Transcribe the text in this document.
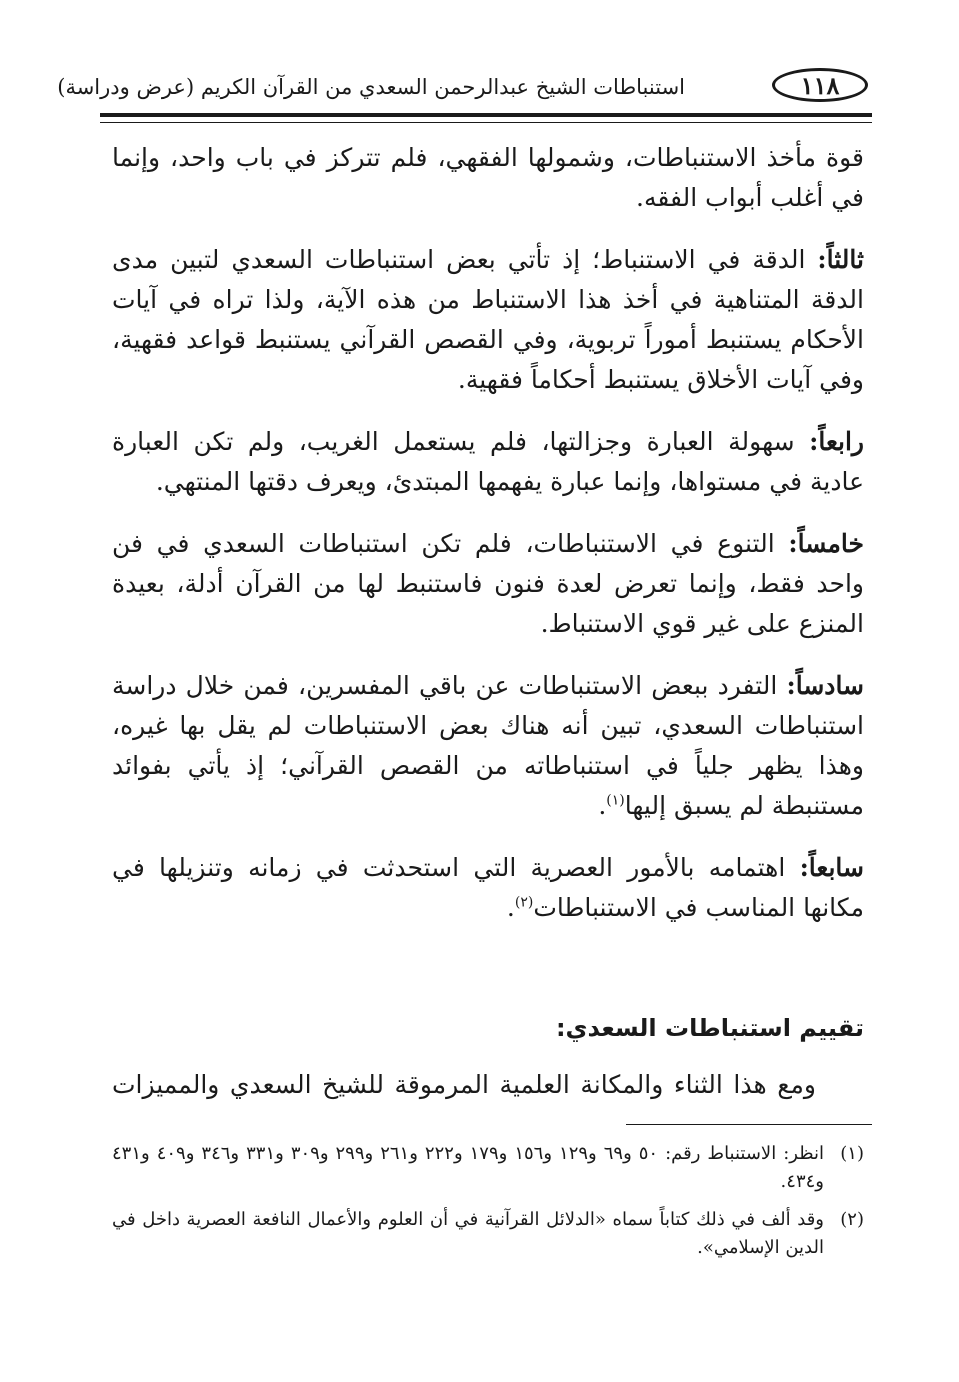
١١٨
استنباطات الشيخ عبدالرحمن السعدي من القرآن الكريم (عرض ودراسة)

قوة مأخذ الاستنباطات، وشمولها الفقهي، فلم تتركز في باب واحد، وإنما في أغلب أبواب الفقه.

ثالثاً: الدقة في الاستنباط؛ إذ تأتي بعض استنباطات السعدي لتبين مدى الدقة المتناهية في أخذ هذا الاستنباط من هذه الآية، ولذا تراه في آيات الأحكام يستنبط أموراً تربوية، وفي القصص القرآني يستنبط قواعد فقهية، وفي آيات الأخلاق يستنبط أحكاماً فقهية.

رابعاً: سهولة العبارة وجزالتها، فلم يستعمل الغريب، ولم تكن العبارة عادية في مستواها، وإنما عبارة يفهمها المبتدئ، ويعرف دقتها المنتهي.

خامساً: التنوع في الاستنباطات، فلم تكن استنباطات السعدي في فن واحد فقط، وإنما تعرض لعدة فنون فاستنبط لها من القرآن أدلة، بعيدة المنزع على غير قوي الاستنباط.

سادساً: التفرد ببعض الاستنباطات عن باقي المفسرين، فمن خلال دراسة استنباطات السعدي، تبين أنه هناك بعض الاستنباطات لم يقل بها غيره، وهذا يظهر جلياً في استنباطاته من القصص القرآني؛ إذ يأتي بفوائد مستنبطة لم يسبق إليها$^{(١)}$.

سابعاً: اهتمامه بالأمور العصرية التي استحدثت في زمانه وتنزيلها في مكانها المناسب في الاستنباطات$^{(٢)}$.

تقييم استنباطات السعدي:
ومع هذا الثناء والمكانة العلمية المرموقة للشيخ السعدي والمميزات
(١)
انظر: الاستنباط رقم: ٥٠ و٦٩ و١٢٩ و١٥٦ و١٧٩ و٢٢٢ و٢٦١ و٢٩٩ و٣٠٩ و٣٣١ و٣٤٦ و٤٠٩ و٤٣١ و٤٣٤.
(٢)
وقد ألف في ذلك كتاباً سماه «الدلائل القرآنية في أن العلوم والأعمال النافعة العصرية داخل في الدين الإسلامي».
